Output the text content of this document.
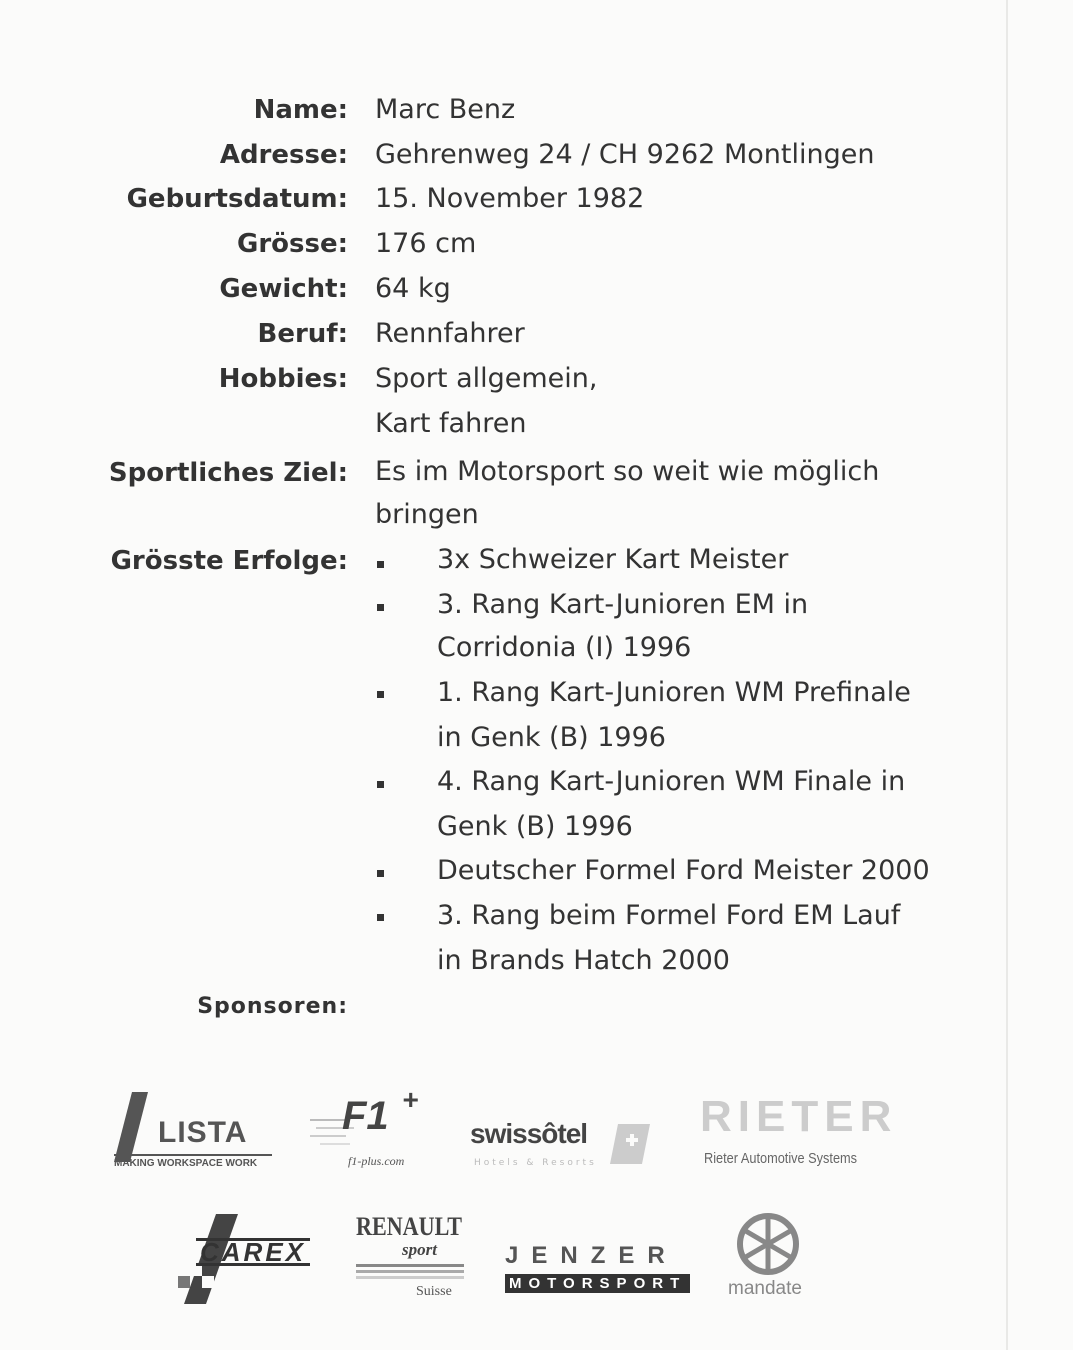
Name: Marc Benz
Adresse: Gehrenweg 24 / CH 9262 Montlingen
Geburtsdatum: 15. November 1982
Grösse: 176 cm
Gewicht: 64 kg
Beruf: Rennfahrer
Hobbies: Sport allgemein,
Kart fahren
Sportliches Ziel: Es im Motorsport so weit wie möglich
bringen
Grösste Erfolge:	3x Schweizer Kart Meister
3. Rang Kart-Junioren EM in
Corridonia (I) 1996
1. Rang Kart-Junioren WM Prefinale
in Genk (B) 1996
4. Rang Kart-Junioren WM Finale in
Genk (B) 1996
Deutscher Formel Ford Meister 2000
3. Rang beim Formel Ford EM Lauf
in Brands Hatch 2000
Sponsoren:
LISTA
MAKING WORKSPACE WORK
F1 +
f1-plus.com
swissôtel
Hotels & Resorts
RIETER
Rieter Automotive Systems
CAREX
RENAULT
sport
Suisse
JENZER
MOTORSPORT mandate
